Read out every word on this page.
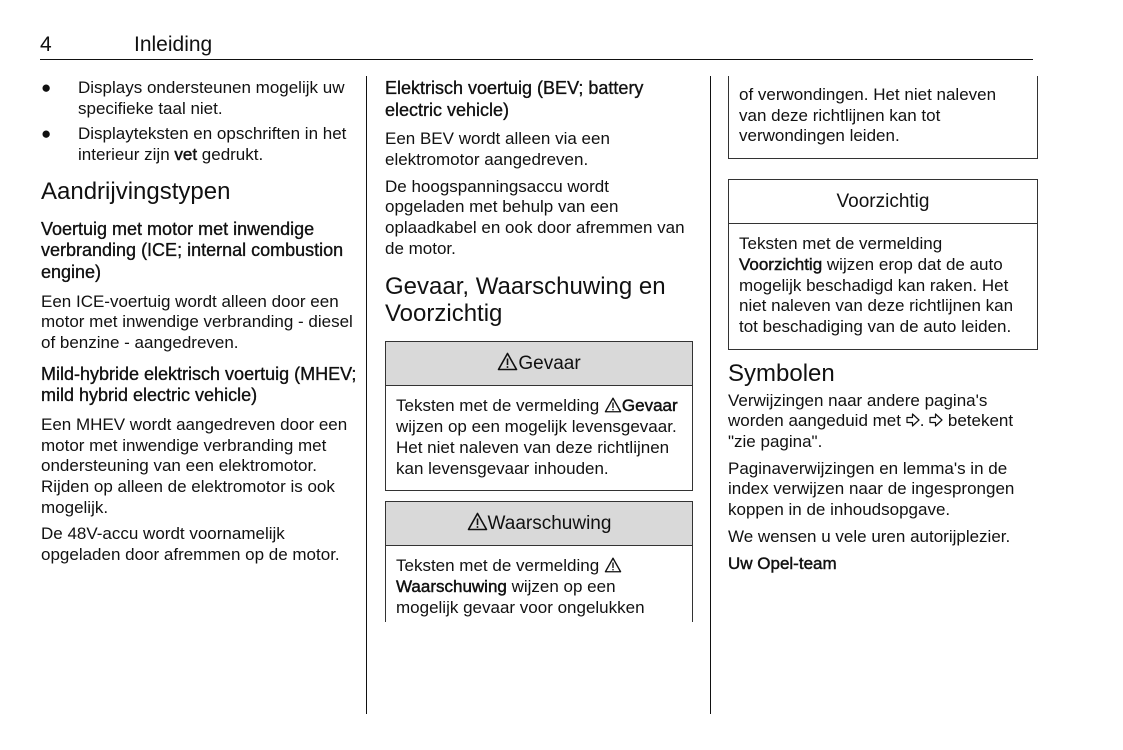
4	Inleiding
● Displays ondersteunen mogelijk uw specifieke taal niet.
● Displayteksten en opschriften in het interieur zijn vet gedrukt.
Aandrijvingstypen
Voertuig met motor met inwendige verbranding (ICE; internal combustion engine)

Een ICE-voertuig wordt alleen door een motor met inwendige verbranding - diesel of benzine - aangedreven.

Mild-hybride elektrisch voertuig (MHEV;
mild hybrid electric vehicle)

Een MHEV wordt aangedreven door een motor met inwendige verbranding met ondersteuning van een elektromotor. Rijden op alleen de elektromotor is ook mogelijk.

De 48V-accu wordt voornamelijk opgeladen door afremmen op de motor.

Elektrisch voertuig (BEV; battery electric vehicle)

Een BEV wordt alleen via een elektromotor aangedreven.

De hoogspanningsaccu wordt opgeladen met behulp van een oplaadkabel en ook door afremmen van de motor.

Gevaar, Waarschuwing en Voorzichtig
Gevaar
Teksten met de vermelding Gevaar wijzen op een mogelijk levensgevaar. Het niet naleven van deze richtlijnen kan levensgevaar inhouden.
Waarschuwing
Teksten met de vermelding Waarschuwing wijzen op een mogelijk gevaar voor ongelukken
of verwondingen. Het niet naleven van deze richtlijnen kan tot verwondingen leiden.
Voorzichtig
Teksten met de vermelding Voorzichtig wijzen erop dat de auto mogelijk beschadigd kan raken. Het niet naleven van deze richtlijnen kan tot beschadiging van de auto leiden.
Symbolen

Verwijzingen naar andere pagina's worden aangeduid met .  betekent "zie pagina".

Paginaverwijzingen en lemma's in de index verwijzen naar de ingesprongen koppen in de inhoudsopgave.

We wensen u vele uren autorijplezier.

Uw Opel-team
